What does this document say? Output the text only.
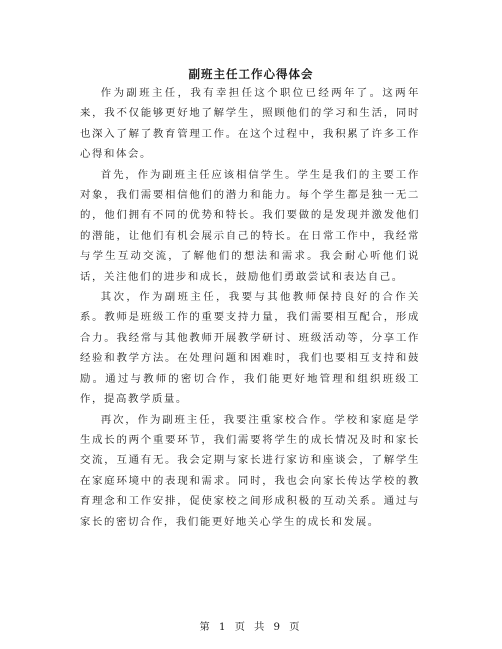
副班主任工作心得体会

作为副班主任，我有幸担任这个职位已经两年了。这两年来，我不仅能够更好地了解学生，照顾他们的学习和生活，同时也深入了解了教育管理工作。在这个过程中，我积累了许多工作心得和体会。

首先，作为副班主任应该相信学生。学生是我们的主要工作对象，我们需要相信他们的潜力和能力。每个学生都是独一无二的，他们拥有不同的优势和特长。我们要做的是发现并激发他们的潜能，让他们有机会展示自己的特长。在日常工作中，我经常与学生互动交流，了解他们的想法和需求。我会耐心听他们说话，关注他们的进步和成长，鼓励他们勇敢尝试和表达自己。

其次，作为副班主任，我要与其他教师保持良好的合作关系。教师是班级工作的重要支持力量，我们需要相互配合，形成合力。我经常与其他教师开展教学研讨、班级活动等，分享工作经验和教学方法。在处理问题和困难时，我们也要相互支持和鼓励。通过与教师的密切合作，我们能更好地管理和组织班级工作，提高教学质量。

再次，作为副班主任，我要注重家校合作。学校和家庭是学生成长的两个重要环节，我们需要将学生的成长情况及时和家长交流，互通有无。我会定期与家长进行家访和座谈会，了解学生在家庭环境中的表现和需求。同时，我也会向家长传达学校的教育理念和工作安排，促使家校之间形成积极的互动关系。通过与家长的密切合作，我们能更好地关心学生的成长和发展。

第 1 页 共 9 页
